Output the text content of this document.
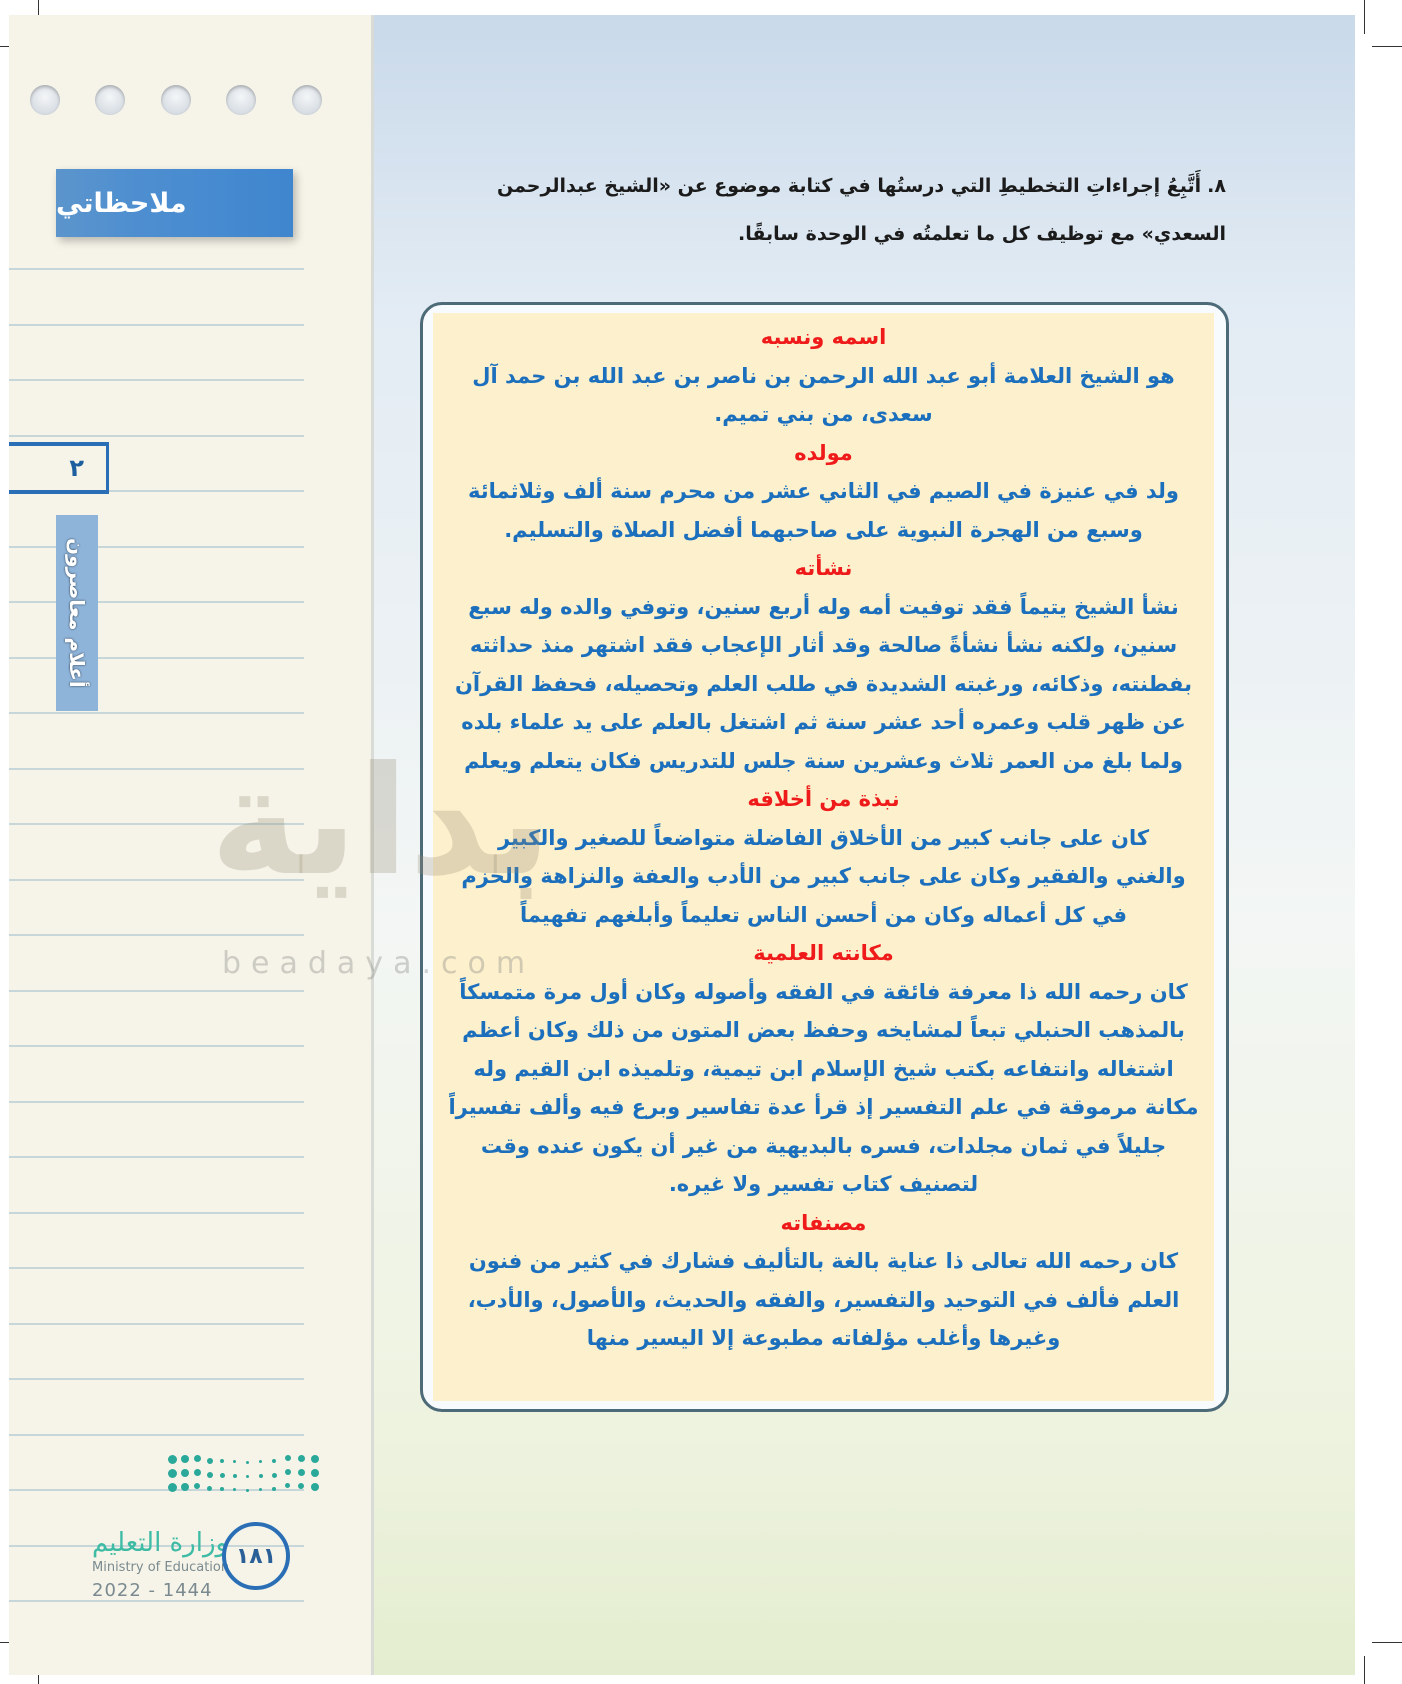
ملاحظاتي
٢
أعلام معاصرون
٨.أَتَّبِعُ إجراءاتِ التخطيطِ التي درستُها في كتابة موضوع عن «الشيخ عبدالرحمن السعدي» مع توظيف كل ما تعلمتُه في الوحدة سابقًا.
اسمه ونسبه
هو الشيخ العلامة أبو عبد الله الرحمن بن ناصر بن عبد الله بن حمد آل
سعدى، من بني تميم.
مولده
ولد في عنيزة في الصيم في الثاني عشر من محرم سنة ألف وثلاثمائة
وسبع من الهجرة النبوية على صاحبهما أفضل الصلاة والتسليم.
نشأته
نشأ الشيخ يتيماً فقد توفيت أمه وله أربع سنين، وتوفي والده وله سبع
سنين، ولكنه نشأ نشأةً صالحة وقد أثار الإعجاب فقد اشتهر منذ حداثته
بفطنته، وذكائه، ورغبته الشديدة في طلب العلم وتحصيله، فحفظ القرآن
عن ظهر قلب وعمره أحد عشر سنة ثم اشتغل بالعلم على يد علماء بلده
ولما بلغ من العمر ثلاث وعشرين سنة جلس للتدريس فكان يتعلم ويعلم
نبذة من أخلاقه
كان على جانب كبير من الأخلاق الفاضلة متواضعاً للصغير والكبير
والغني والفقير وكان على جانب كبير من الأدب والعفة والنزاهة والحزم
في كل أعماله وكان من أحسن الناس تعليماً وأبلغهم تفهيماً
مكانته العلمية
كان رحمه الله ذا معرفة فائقة في الفقه وأصوله وكان أول مرة متمسكاً
بالمذهب الحنبلي تبعاً لمشايخه وحفظ بعض المتون من ذلك وكان أعظم
اشتغاله وانتفاعه بكتب شيخ الإسلام ابن تيمية، وتلميذه ابن القيم وله
مكانة مرموقة في علم التفسير إذ قرأ عدة تفاسير وبرع فيه وألف تفسيراً
جليلاً في ثمان مجلدات، فسره بالبديهية من غير أن يكون عنده وقت
لتصنيف كتاب تفسير ولا غيره.
مصنفاته
كان رحمه الله تعالى ذا عناية بالغة بالتأليف فشارك في كثير من فنون
العلم فألف في التوحيد والتفسير، والفقه والحديث، والأصول، والأدب،
وغيرها وأغلب مؤلفاته مطبوعة إلا اليسير منها
بداية
beadaya.com
وزارة التعليم
Ministry of Education
2022 - 1444
١٨١
